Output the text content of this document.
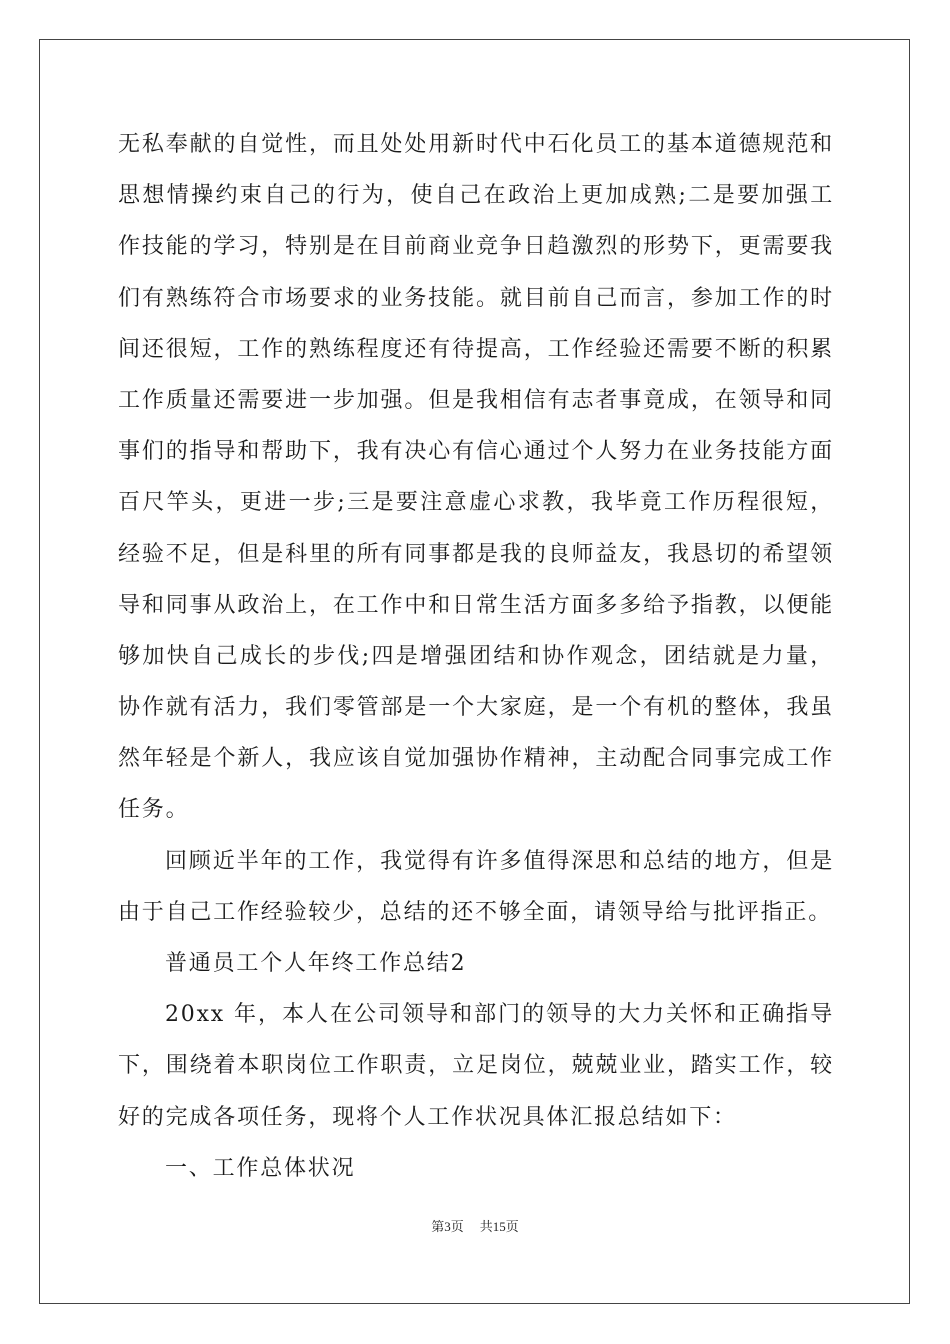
无私奉献的自觉性，而且处处用新时代中石化员工的基本道德规范和
思想情操约束自己的行为，使自己在政治上更加成熟;二是要加强工
作技能的学习，特别是在目前商业竞争日趋激烈的形势下，更需要我
们有熟练符合市场要求的业务技能。就目前自己而言，参加工作的时
间还很短，工作的熟练程度还有待提高，工作经验还需要不断的积累
工作质量还需要进一步加强。但是我相信有志者事竟成，在领导和同
事们的指导和帮助下，我有决心有信心通过个人努力在业务技能方面
百尺竿头，更进一步;三是要注意虚心求教，我毕竟工作历程很短，
经验不足，但是科里的所有同事都是我的良师益友，我恳切的希望领
导和同事从政治上，在工作中和日常生活方面多多给予指教，以便能
够加快自己成长的步伐;四是增强团结和协作观念，团结就是力量，
协作就有活力，我们零管部是一个大家庭，是一个有机的整体，我虽
然年轻是个新人，我应该自觉加强协作精神，主动配合同事完成工作
任务。
回顾近半年的工作，我觉得有许多值得深思和总结的地方，但是
由于自己工作经验较少，总结的还不够全面，请领导给与批评指正。
普通员工个人年终工作总结2
20xx 年，本人在公司领导和部门的领导的大力关怀和正确指导
下，围绕着本职岗位工作职责，立足岗位，兢兢业业，踏实工作，较
好的完成各项任务，现将个人工作状况具体汇报总结如下：
一、工作总体状况
第3页 共15页
